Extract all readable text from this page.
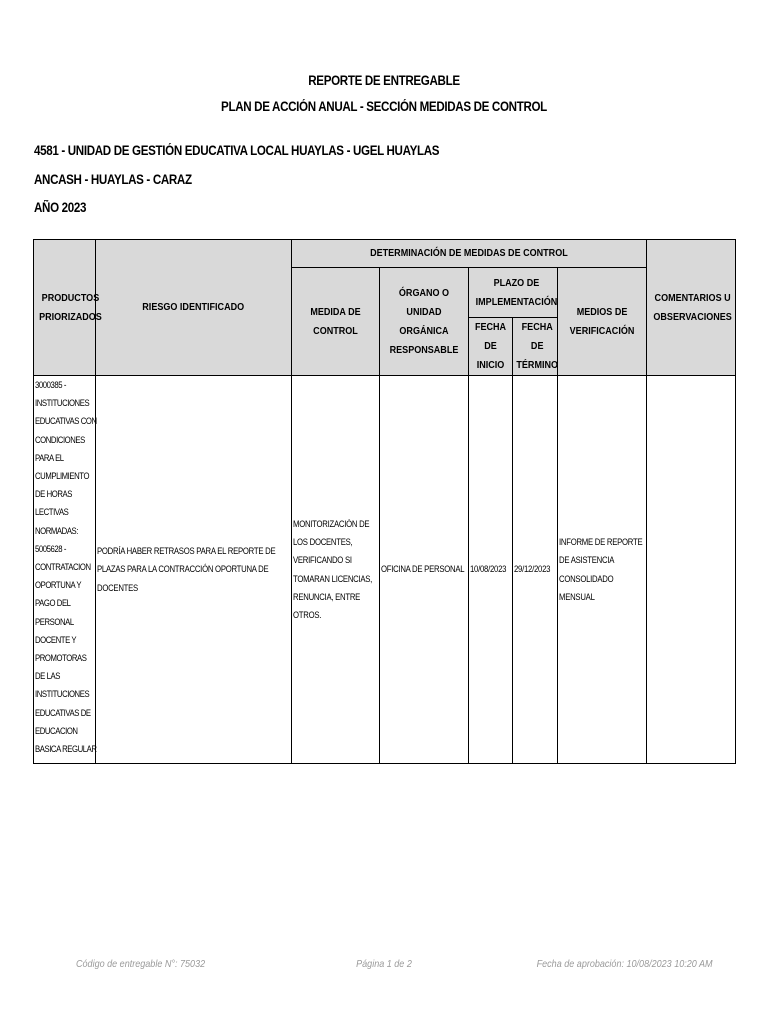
REPORTE DE ENTREGABLE
PLAN DE ACCIÓN ANUAL - SECCIÓN MEDIDAS DE CONTROL
4581 - UNIDAD DE GESTIÓN EDUCATIVA LOCAL HUAYLAS - UGEL HUAYLAS
ANCASH - HUAYLAS - CARAZ
AÑO 2023
PRODUCTOS PRIORIZADOS	RIESGO IDENTIFICADO	DETERMINACIÓN DE MEDIDAS DE CONTROL					COMENTARIOS U OBSERVACIONES
		MEDIDA DE CONTROL	ÓRGANO O UNIDAD ORGÁNICA RESPONSABLE	PLAZO DE IMPLEMENTACIÓN		MEDIOS DE VERIFICACIÓN	
				FECHA DE INICIO	FECHA DE TÉRMINO		

3000385 - INSTITUCIONES EDUCATIVAS CON CONDICIONES PARA EL CUMPLIMIENTO DE HORAS LECTIVAS NORMADAS: 5005628 - CONTRATACION OPORTUNA Y PAGO DEL PERSONAL DOCENTE Y PROMOTORAS DE LAS INSTITUCIONES EDUCATIVAS DE EDUCACION BASICA REGULAR	PODRÍA HABER RETRASOS PARA EL REPORTE DE PLAZAS PARA LA CONTRACCIÓN OPORTUNA DE DOCENTES	MONITORIZACIÓN DE LOS DOCENTES, VERIFICANDO SI TOMARAN LICENCIAS, RENUNCIA, ENTRE OTROS.	OFICINA DE PERSONAL	10/08/2023	29/12/2023	INFORME DE REPORTE DE ASISTENCIA CONSOLIDADO MENSUAL	

Código de entregable N°: 75032	Página 1 de 2	Fecha de aprobación: 10/08/2023 10:20 AM
